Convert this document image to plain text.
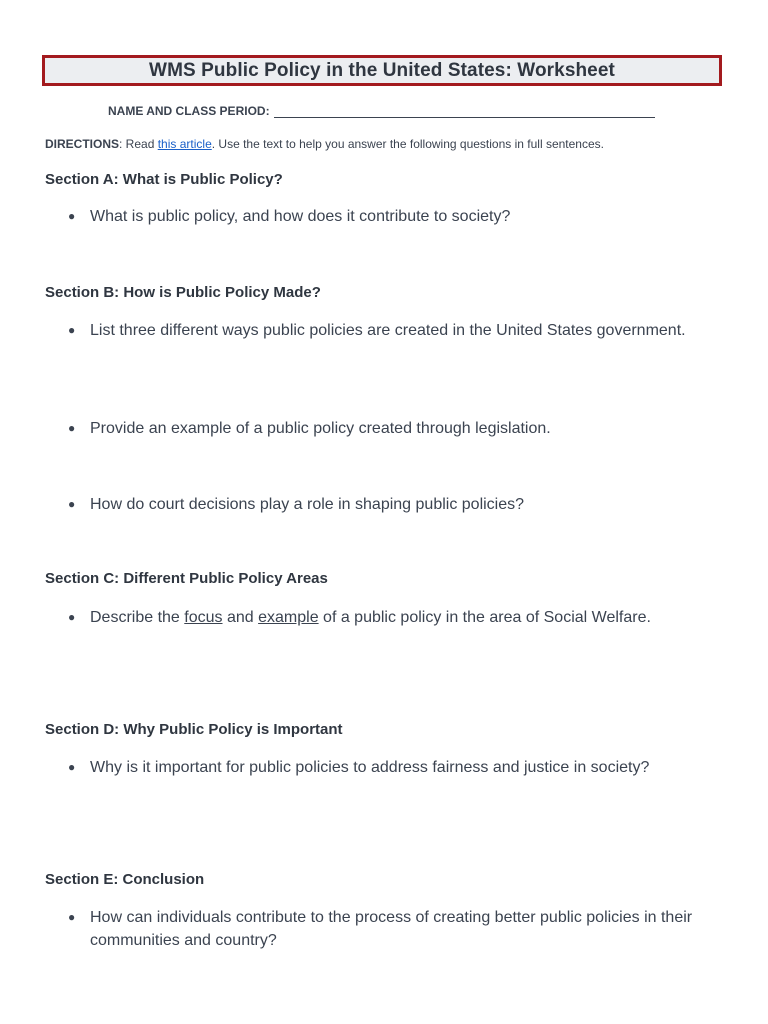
WMS Public Policy in the United States: Worksheet
NAME AND CLASS PERIOD:
DIRECTIONS: Read this article. Use the text to help you answer the following questions in full sentences.
Section A: What is Public Policy?
● What is public policy, and how does it contribute to society?
Section B: How is Public Policy Made?
● List three different ways public policies are created in the United States government.
● Provide an example of a public policy created through legislation.
● How do court decisions play a role in shaping public policies?
Section C: Different Public Policy Areas
● Describe the focus and example of a public policy in the area of Social Welfare.
Section D: Why Public Policy is Important
● Why is it important for public policies to address fairness and justice in society?
Section E: Conclusion
● How can individuals contribute to the process of creating better public policies in their communities and country?
